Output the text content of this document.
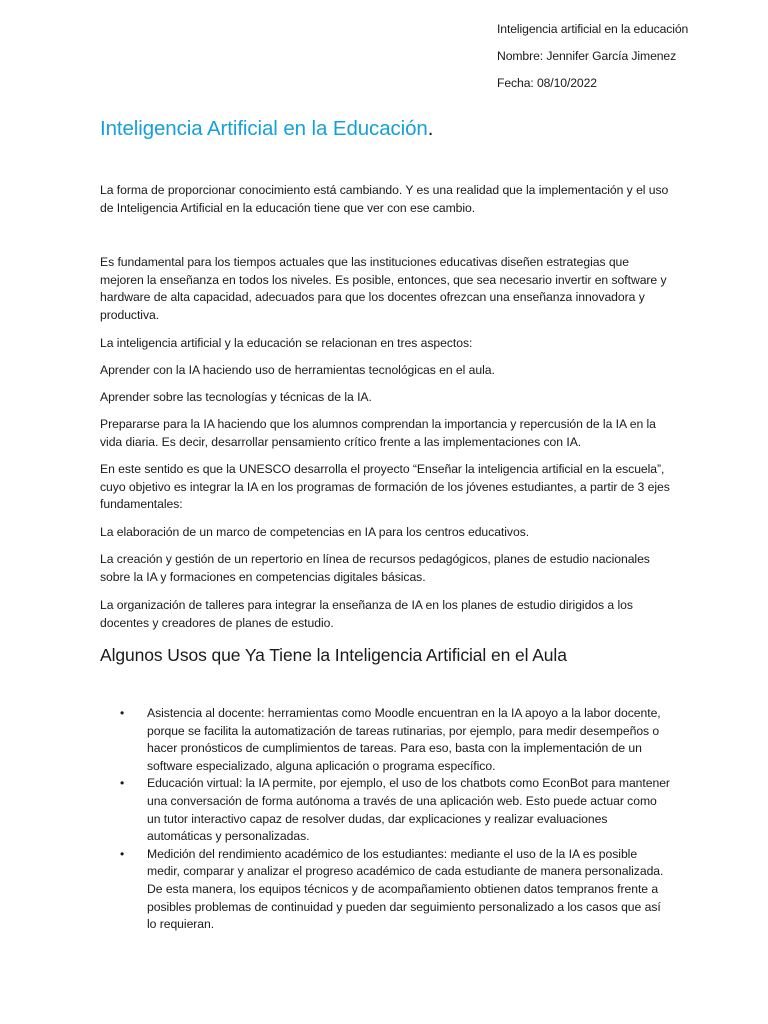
Inteligencia artificial en la educación
Nombre: Jennifer García Jimenez
Fecha: 08/10/2022
Inteligencia Artificial en la Educación.

La forma de proporcionar conocimiento está cambiando. Y es una realidad que la implementación y el uso de Inteligencia Artificial en la educación tiene que ver con ese cambio.

Es fundamental para los tiempos actuales que las instituciones educativas diseñen estrategias que mejoren la enseñanza en todos los niveles. Es posible, entonces, que sea necesario invertir en software y hardware de alta capacidad, adecuados para que los docentes ofrezcan una enseñanza innovadora y productiva.

La inteligencia artificial y la educación se relacionan en tres aspectos:

Aprender con la IA haciendo uso de herramientas tecnológicas en el aula.

Aprender sobre las tecnologías y técnicas de la IA.

Prepararse para la IA haciendo que los alumnos comprendan la importancia y repercusión de la IA en la vida diaria. Es decir, desarrollar pensamiento crítico frente a las implementaciones con IA.

En este sentido es que la UNESCO desarrolla el proyecto “Enseñar la inteligencia artificial en la escuela”, cuyo objetivo es integrar la IA en los programas de formación de los jóvenes estudiantes, a partir de 3 ejes fundamentales:

La elaboración de un marco de competencias en IA para los centros educativos.

La creación y gestión de un repertorio en línea de recursos pedagógicos, planes de estudio nacionales sobre la IA y formaciones en competencias digitales básicas.

La organización de talleres para integrar la enseñanza de IA en los planes de estudio dirigidos a los docentes y creadores de planes de estudio.

Algunos Usos que Ya Tiene la Inteligencia Artificial en el Aula
• Asistencia al docente: herramientas como Moodle encuentran en la IA apoyo a la labor docente, porque se facilita la automatización de tareas rutinarias, por ejemplo, para medir desempeños o hacer pronósticos de cumplimientos de tareas. Para eso, basta con la implementación de un software especializado, alguna aplicación o programa específico.
• Educación virtual: la IA permite, por ejemplo, el uso de los chatbots como EconBot para mantener una conversación de forma autónoma a través de una aplicación web. Esto puede actuar como un tutor interactivo capaz de resolver dudas, dar explicaciones y realizar evaluaciones automáticas y personalizadas.
• Medición del rendimiento académico de los estudiantes: mediante el uso de la IA es posible medir, comparar y analizar el progreso académico de cada estudiante de manera personalizada. De esta manera, los equipos técnicos y de acompañamiento obtienen datos tempranos frente a posibles problemas de continuidad y pueden dar seguimiento personalizado a los casos que así lo requieran.
